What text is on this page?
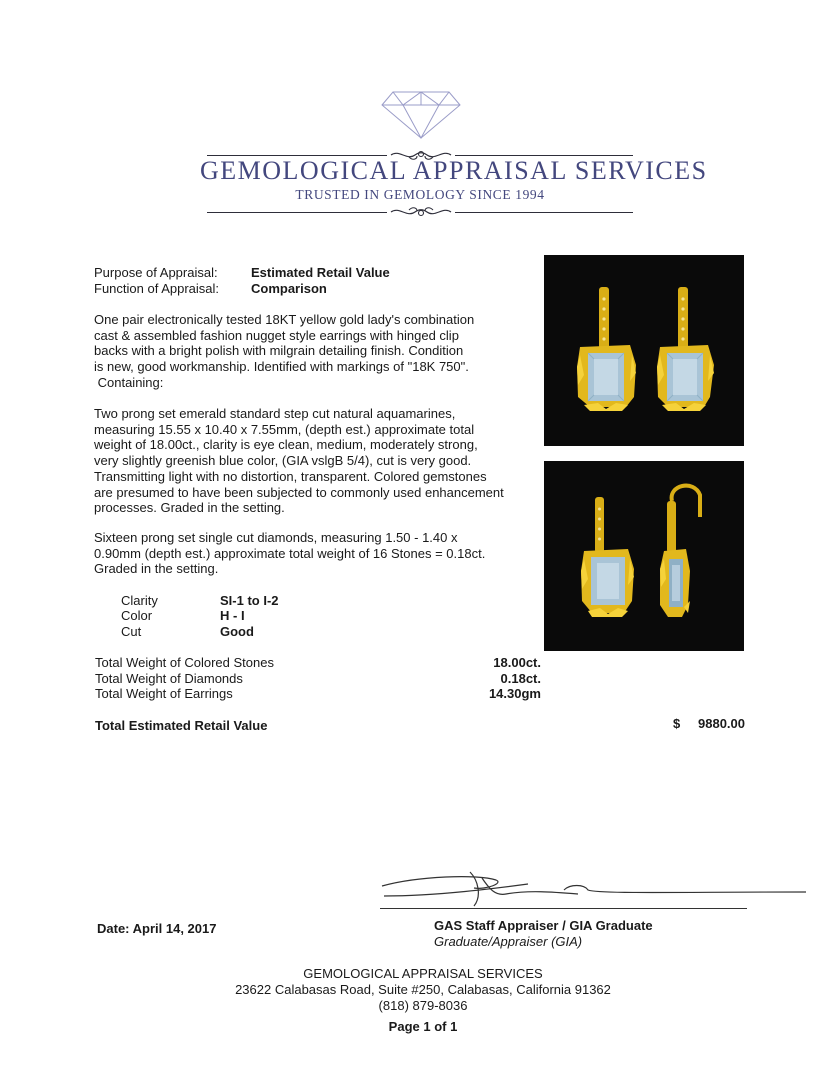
GEMOLOGICAL APPRAISAL SERVICES
TRUSTED IN GEMOLOGY SINCE 1994
Purpose of Appraisal:	Estimated Retail Value
Function of Appraisal: Comparison
One pair electronically tested 18KT yellow gold lady's combination
cast & assembled fashion nugget style earrings with hinged clip
backs with a bright polish with milgrain detailing finish. Condition
is new, good workmanship. Identified with markings of "18K 750".
Containing:
Two prong set emerald standard step cut natural aquamarines,
measuring 15.55 x 10.40 x 7.55mm, (depth est.) approximate total
weight of 18.00ct., clarity is eye clean, medium, moderately strong,
very slightly greenish blue color, (GIA vslgB 5/4), cut is very good.
Transmitting light with no distortion, transparent. Colored gemstones
are presumed to have been subjected to commonly used enhancement
processes. Graded in the setting.
Sixteen prong set single cut diamonds, measuring 1.50 - 1.40 x
0.90mm (depth est.) approximate total weight of 16 Stones = 0.18ct.
Graded in the setting.
Clarity	SI-1 to I-2
Color	H - I
Cut	Good
Total Weight of Colored Stones	18.00ct.
Total Weight of Diamonds	0.18ct.
Total Weight of Earrings	14.30gm
Total Estimated Retail Value	$	9880.00
Date: April 14, 2017	GAS Staff Appraiser / GIA Graduate
Graduate/Appraiser (GIA)
GEMOLOGICAL APPRAISAL SERVICES
23622 Calabasas Road, Suite #250, Calabasas, California 91362
(818) 879-8036
Page 1 of 1
